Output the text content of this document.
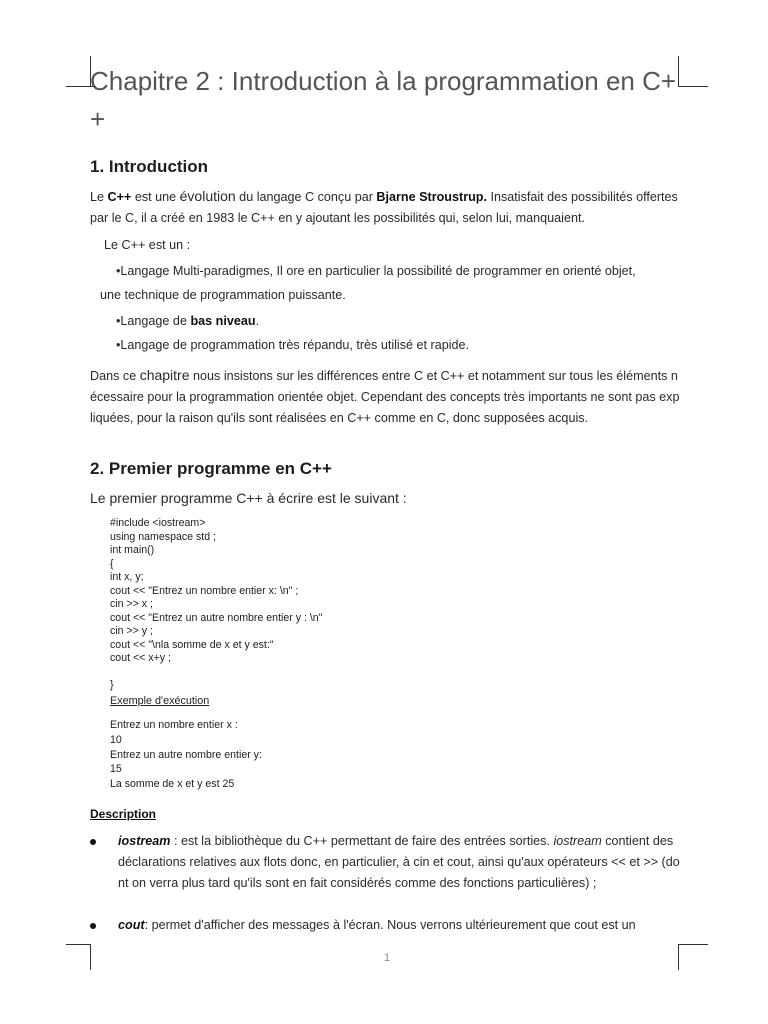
Chapitre 2 : Introduction à la programmation en C++
1. Introduction
Le C++ est une évolution du langage C conçu par Bjarne Stroustrup. Insatisfait des possibilités offertes par le C, il a créé en 1983 le C++ en y ajoutant les possibilités qui, selon lui, manquaient.
Le C++ est un :
•Langage Multi-paradigmes, Il ore en particulier la possibilité de programmer en orienté objet,
une technique de programmation puissante.
•Langage de bas niveau.
•Langage de programmation très répandu, très utilisé et rapide.
Dans ce chapitre nous insistons sur les différences entre C et C++ et notamment sur tous les éléments nécessaire pour la programmation orientée objet. Cependant des concepts très importants ne sont pas expliquées, pour la raison qu'ils sont réalisées en C++ comme en C, donc supposées acquis.
2. Premier programme en C++
Le premier programme C++ à écrire est le suivant :
#include <iostream>
using namespace std ;
int main()
{
int x, y;
cout << "Entrez un nombre entier x: \n" ;
cin >> x ;
cout << "Entrez un autre nombre entier y : \n"
cin >> y ;
cout << "\nla somme de x et y est:"
cout << x+y ;

}
Exemple d'exécution
Entrez un nombre entier x :
10
Entrez un autre nombre entier y:
15
La somme de x et y est 25
Description
iostream : est la bibliothèque du C++ permettant de faire des entrées sorties. iostream contient des déclarations relatives aux flots donc, en particulier, à cin et cout, ainsi qu'aux opérateurs << et >> (dont on verra plus tard qu'ils sont en fait considérés comme des fonctions particulières) ;
cout: permet d'afficher des messages à l'écran. Nous verrons ultérieurement que cout est un
1
